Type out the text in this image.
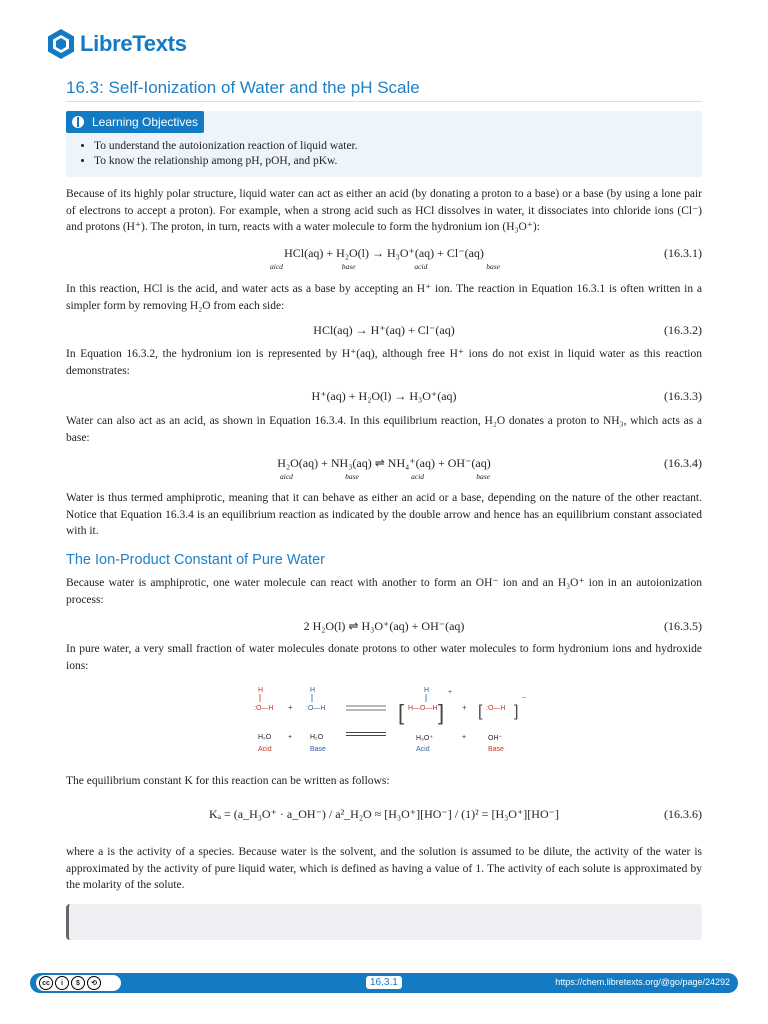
LibreTexts
16.3: Self-Ionization of Water and the pH Scale
Learning Objectives
• To understand the autoionization reaction of liquid water.
• To know the relationship among pH, pOH, and pKw.
Because of its highly polar structure, liquid water can act as either an acid (by donating a proton to a base) or a base (by using a lone pair of electrons to accept a proton). For example, when a strong acid such as HCl dissolves in water, it dissociates into chloride ions (Cl⁻) and protons (H⁺). The proton, in turn, reacts with a water molecule to form the hydronium ion (H₃O⁺):
HCl(aq) + H₂O(l) → H₃O⁺(aq) + Cl⁻(aq)	(16.3.1)
aicd	base	acid	base
In this reaction, HCl is the acid, and water acts as a base by accepting an H⁺ ion. The reaction in Equation 16.3.1 is often written in a simpler form by removing H₂O from each side:
HCl(aq) → H⁺(aq) + Cl⁻(aq)	(16.3.2)
In Equation 16.3.2, the hydronium ion is represented by H⁺(aq), although free H⁺ ions do not exist in liquid water as this reaction demonstrates:
H⁺(aq) + H₂O(l) → H₃O⁺(aq)	(16.3.3)
Water can also act as an acid, as shown in Equation 16.3.4. In this equilibrium reaction, H₂O donates a proton to NH₃, which acts as a base:
H₂O(aq) + NH₃(aq) ⇌ NH₄⁺(aq) + OH⁻(aq)	(16.3.4)
aicd	base	acid	base
Water is thus termed amphiprotic, meaning that it can behave as either an acid or a base, depending on the nature of the other reactant. Notice that Equation 16.3.4 is an equilibrium reaction as indicated by the double arrow and hence has an equilibrium constant associated with it.
The Ion-Product Constant of Pure Water
Because water is amphiprotic, one water molecule can react with another to form an OH⁻ ion and an H₃O⁺ ion in an autoionization process:
2 H₂O(l) ⇌ H₃O⁺(aq) + OH⁻(aq)	(16.3.5)
In pure water, a very small fraction of water molecules donate protons to other water molecules to form hydronium ions and hydroxide ions:
H
:O—H +
H
:O—H	[
H
H—O—H ]
+
+ [ :O—H ]
−
H₂O +	H₂O	H₃O⁺	+	OH⁻
Acid	Base	Acid	Base
The equilibrium constant K for this reaction can be written as follows:
Kₐ = (a_H₃O⁺ · a_OH⁻) / a²_H₂O ≈ [H₃O⁺][HO⁻] / (1)² = [H₃O⁺][HO⁻]	(16.3.6)
where a is the activity of a species. Because water is the solvent, and the solution is assumed to be dilute, the activity of the water is approximated by the activity of pure liquid water, which is defined as having a value of 1. The activity of each solute is approximated by the molarity of the solute.
cc	i	$	⟲	16.3.1	https://chem.libretexts.org/@go/page/24292
